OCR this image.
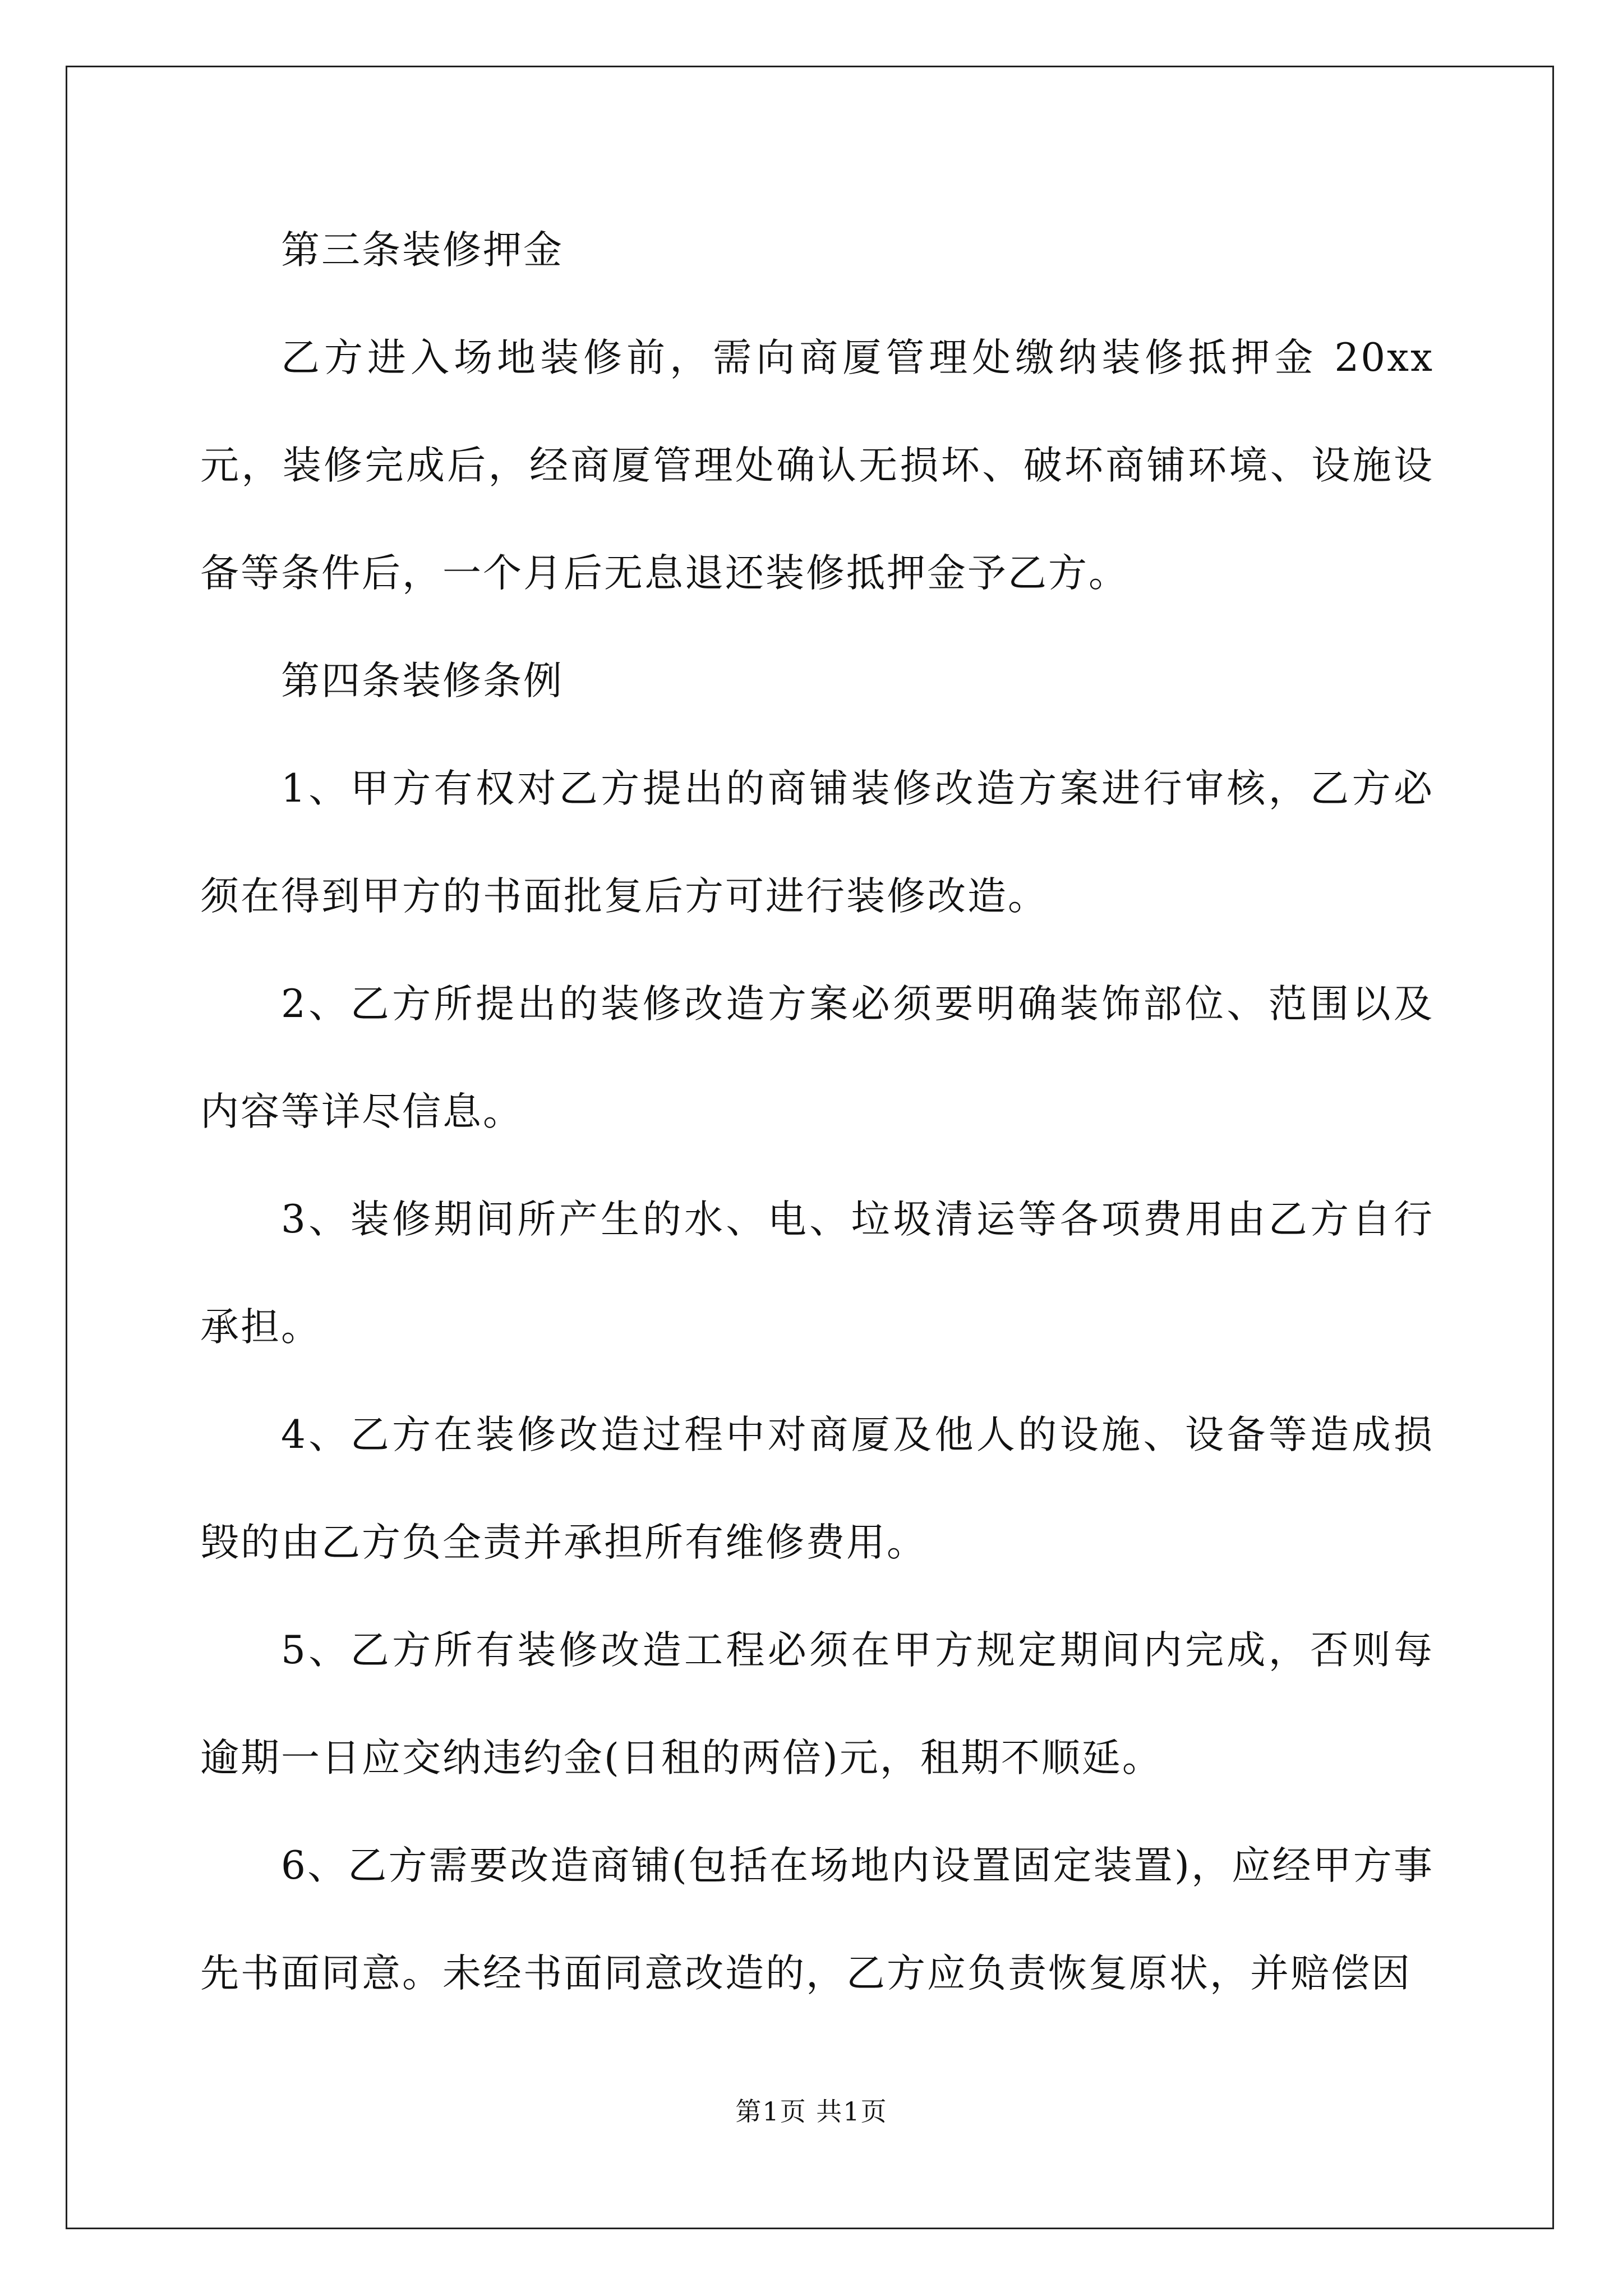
第三条装修押金

乙方进入场地装修前，需向商厦管理处缴纳装修抵押金 20xx 元，装修完成后，经商厦管理处确认无损坏、破坏商铺环境、设施设备等条件后，一个月后无息退还装修抵押金予乙方。

第四条装修条例

1、甲方有权对乙方提出的商铺装修改造方案进行审核，乙方必须在得到甲方的书面批复后方可进行装修改造。

2、乙方所提出的装修改造方案必须要明确装饰部位、范围以及内容等详尽信息。

3、装修期间所产生的水、电、垃圾清运等各项费用由乙方自行承担。

4、乙方在装修改造过程中对商厦及他人的设施、设备等造成损毁的由乙方负全责并承担所有维修费用。

5、乙方所有装修改造工程必须在甲方规定期间内完成，否则每逾期一日应交纳违约金(日租的两倍)元，租期不顺延。

6、乙方需要改造商铺(包括在场地内设置固定装置)，应经甲方事先书面同意。未经书面同意改造的，乙方应负责恢复原状，并赔偿因

第1页 共1页
